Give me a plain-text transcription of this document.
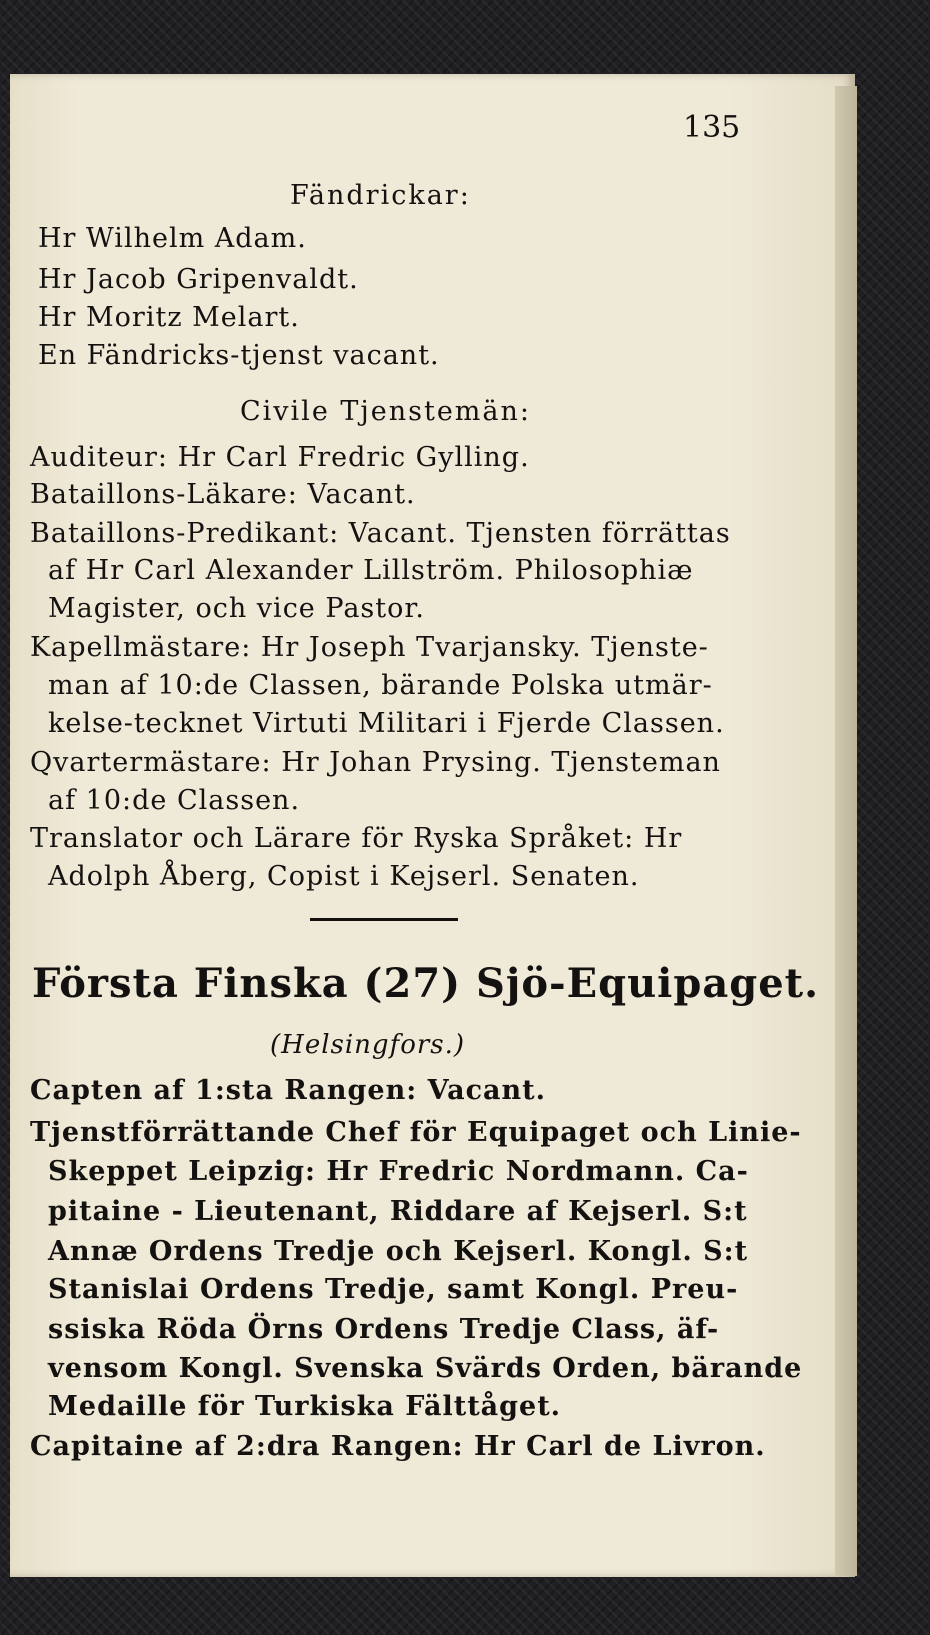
135
Fändrickar:
Hr Wilhelm Adam.
Hr Jacob Gripenvaldt.
Hr Moritz Melart.
En Fändricks-tjenst vacant.
Civile Tjenstemän:
Auditeur: Hr Carl Fredric Gylling.
Bataillons-Läkare: Vacant.
Bataillons-Predikant: Vacant. Tjensten förrättas
af Hr Carl Alexander Lillström. Philosophiæ
Magister, och vice Pastor.
Kapellmästare: Hr Joseph Tvarjansky. Tjenste-
man af 10:de Classen, bärande Polska utmär-
kelse-tecknet Virtuti Militari i Fjerde Classen.
Qvartermästare: Hr Johan Prysing. Tjensteman
af 10:de Classen.
Translator och Lärare för Ryska Språket: Hr
Adolph Åberg, Copist i Kejserl. Senaten.
Första Finska (27) Sjö-Equipaget.
(Helsingfors.)
Capten af 1:sta Rangen: Vacant.
Tjenstförrättande Chef för Equipaget och Linie-
Skeppet Leipzig: Hr Fredric Nordmann. Ca-
pitaine - Lieutenant, Riddare af Kejserl. S:t
Annæ Ordens Tredje och Kejserl. Kongl. S:t
Stanislai Ordens Tredje, samt Kongl. Preu-
ssiska Röda Örns Ordens Tredje Class, äf-
vensom Kongl. Svenska Svärds Orden, bärande
Medaille för Turkiska Fälttåget.
Capitaine af 2:dra Rangen: Hr Carl de Livron.
